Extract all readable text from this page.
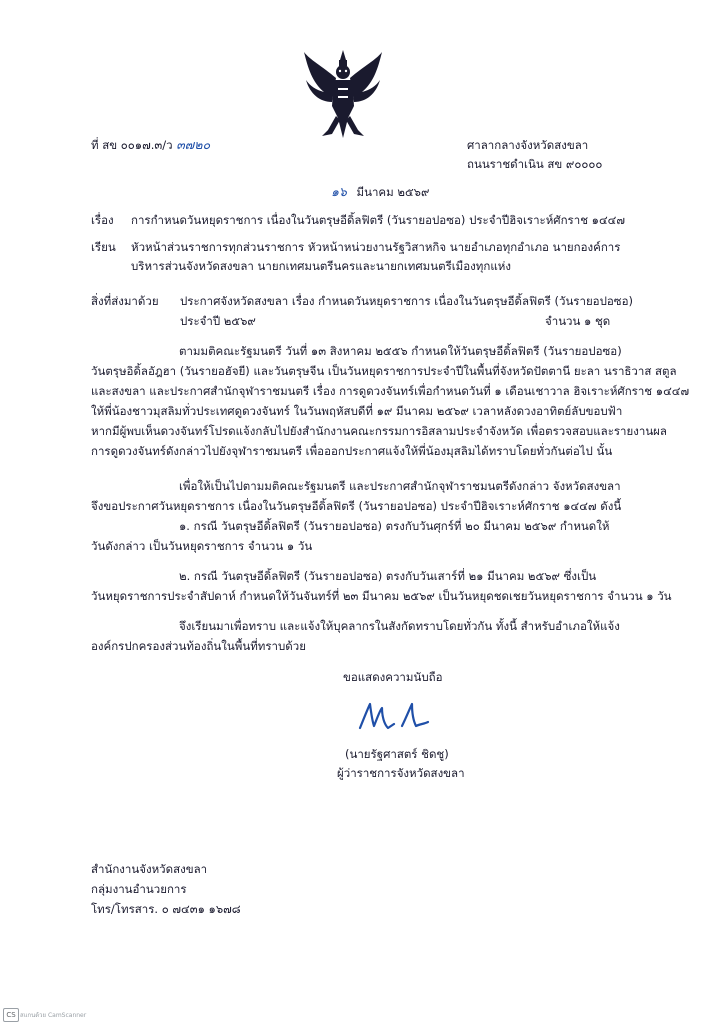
ที่ สข ๐๐๑๗.๓/ว ๓๗๒๐	ศาลากลางจังหวัดสงขลา
ถนนราชดำเนิน สข ๙๐๐๐๐
๑๖ มีนาคม ๒๕๖๙
เรื่อง การกำหนดวันหยุดราชการ เนื่องในวันตรุษอีดิ้ลฟิตรี (วันรายอปอซอ) ประจำปีฮิจเราะห์ศักราช ๑๔๔๗
เรียน หัวหน้าส่วนราชการทุกส่วนราชการ หัวหน้าหน่วยงานรัฐวิสาหกิจ นายอำเภอทุกอำเภอ นายกองค์การ
บริหารส่วนจังหวัดสงขลา นายกเทศมนตรีนครและนายกเทศมนตรีเมืองทุกแห่ง
สิ่งที่ส่งมาด้วย ประกาศจังหวัดสงขลา เรื่อง กำหนดวันหยุดราชการ เนื่องในวันตรุษอีดิ้ลฟิตรี (วันรายอปอซอ)
ประจำปี ๒๕๖๙	จำนวน ๑ ชุด
ตามมติคณะรัฐมนตรี วันที่ ๑๓ สิงหาคม ๒๕๕๖ กำหนดให้วันตรุษอีดิ้ลฟิตรี (วันรายอปอซอ)
วันตรุษอิดิ้ลอัฎฮา (วันรายอฮัจยี) และวันตรุษจีน เป็นวันหยุดราชการประจำปีในพื้นที่จังหวัดปัตตานี ยะลา นราธิวาส สตูล
และสงขลา และประกาศสำนักจุฬาราชมนตรี เรื่อง การดูดวงจันทร์เพื่อกำหนดวันที่ ๑ เดือนเชาวาล ฮิจเราะห์ศักราช ๑๔๔๗
ให้พี่น้องชาวมุสลิมทั่วประเทศดูดวงจันทร์ ในวันพฤหัสบดีที่ ๑๙ มีนาคม ๒๕๖๙ เวลาหลังดวงอาทิตย์ลับขอบฟ้า
หากมีผู้พบเห็นดวงจันทร์โปรดแจ้งกลับไปยังสำนักงานคณะกรรมการอิสลามประจำจังหวัด เพื่อตรวจสอบและรายงานผล
การดูดวงจันทร์ดังกล่าวไปยังจุฬาราชมนตรี เพื่อออกประกาศแจ้งให้พี่น้องมุสลิมได้ทราบโดยทั่วกันต่อไป นั้น
เพื่อให้เป็นไปตามมติคณะรัฐมนตรี และประกาศสำนักจุฬาราชมนตรีดังกล่าว จังหวัดสงขลา
จึงขอประกาศวันหยุดราชการ เนื่องในวันตรุษอีดิ้ลฟิตรี (วันรายอปอซอ) ประจำปีฮิจเราะห์ศักราช ๑๔๔๗ ดังนี้
๑. กรณี วันตรุษอีดิ้ลฟิตรี (วันรายอปอซอ) ตรงกับวันศุกร์ที่ ๒๐ มีนาคม ๒๕๖๙ กำหนดให้
วันดังกล่าว เป็นวันหยุดราชการ จำนวน ๑ วัน
๒. กรณี วันตรุษอีดิ้ลฟิตรี (วันรายอปอซอ) ตรงกับวันเสาร์ที่ ๒๑ มีนาคม ๒๕๖๙ ซึ่งเป็น
วันหยุดราชการประจำสัปดาห์ กำหนดให้วันจันทร์ที่ ๒๓ มีนาคม ๒๕๖๙ เป็นวันหยุดชดเชยวันหยุดราชการ จำนวน ๑ วัน
จึงเรียนมาเพื่อทราบ และแจ้งให้บุคลากรในสังกัดทราบโดยทั่วกัน ทั้งนี้ สำหรับอำเภอให้แจ้ง
องค์กรปกครองส่วนท้องถิ่นในพื้นที่ทราบด้วย
ขอแสดงความนับถือ
(นายรัฐศาสตร์ ชิดชู)
ผู้ว่าราชการจังหวัดสงขลา
สำนักงานจังหวัดสงขลา
กลุ่มงานอำนวยการ
โทร/โทรสาร. ๐ ๗๔๓๑ ๑๖๗๘
CS สแกนด้วย CamScanner
